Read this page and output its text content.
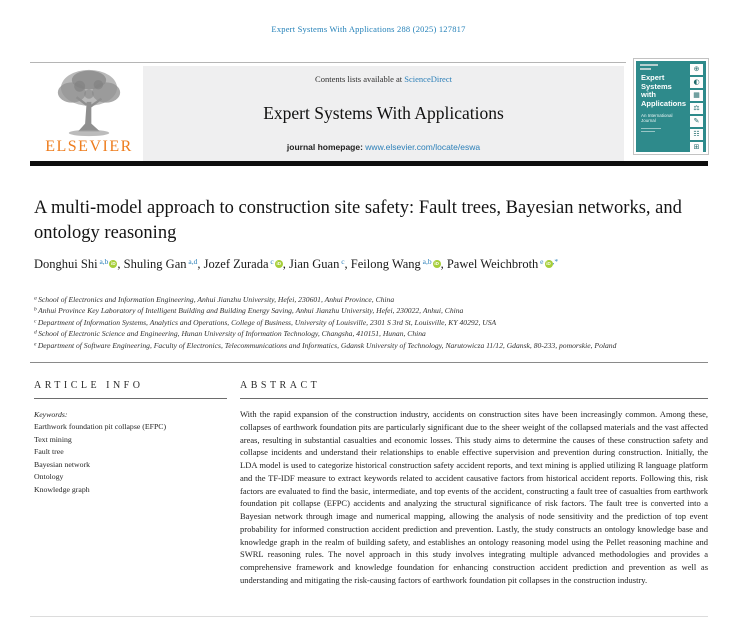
Expert Systems With Applications 288 (2025) 127817
ELSEVIER
Contents lists available at ScienceDirect
Expert Systems With Applications
journal homepage: www.elsevier.com/locate/eswa
Expert
Systems
with
Applications
An International Journal
⊕
◐
▦
⚖
✎
☷
⊞
A multi-model approach to construction site safety: Fault trees, Bayesian networks, and ontology reasoning
Donghui Shi $^{a,b}$ iD , Shuling Gan $^{a,d}$, Jozef Zurada $^c$ iD , Jian Guan $^c$, Feilong Wang $^{a,b}$ iD , Pawel Weichbroth $^e$ iD ,*
$^a$ School of Electronics and Information Engineering, Anhui Jianzhu University, Hefei, 230601, Anhui Province, China
$^b$ Anhui Province Key Laboratory of Intelligent Building and Building Energy Saving, Anhui Jianzhu University, Hefei, 230022, Anhui, China
$^c$ Department of Information Systems, Analytics and Operations, College of Business, University of Louisville, 2301 S 3rd St, Louisville, KY 40292, USA
$^d$ School of Electronic Science and Engineering, Hunan University of Information Technology, Changsha, 410151, Hunan, China
$^e$ Department of Software Engineering, Faculty of Electronics, Telecommunications and Informatics, Gdansk University of Technology, Narutowicza 11/12, Gdansk, 80-233, pomorskie, Poland
ARTICLE INFO
Keywords:
Earthwork foundation pit collapse (EFPC)
Text mining
Fault tree
Bayesian network
Ontology
Knowledge graph
ABSTRACT
With the rapid expansion of the construction industry, accidents on construction sites have been increasingly common. Among these, collapses of earthwork foundation pits are particularly significant due to the sheer weight of the collapsed materials and the vast affected areas, resulting in substantial casualties and economic losses. This study aims to determine the causes of these construction safety and collapse incidents and understand their relationships to enable effective supervision and prevention during construction. Initially, the LDA model is used to categorize historical construction safety accident reports, and text mining is applied utilizing R language platform and the TF-IDF measure to extract keywords related to accident causative factors from historical accident reports. Following this, risk factors are evaluated to find the basic, intermediate, and top events of the accident, constructing a fault tree of casualties from earthwork foundation pit collapse (EFPC) accidents and analyzing the structural significance of risk factors. The fault tree is converted into a Bayesian network through image and numerical mapping, allowing the analysis of node sensitivity and the prediction of top event probability for informed construction accident prediction and prevention. Lastly, the study constructs an ontology knowledge base and knowledge graph in the realm of building safety, and establishes an ontology reasoning model using the Pellet reasoning machine and SWRL reasoning rules. The novel approach in this study involves integrating multiple advanced methodologies and provides a comprehensive framework and knowledge foundation for enhancing construction accident prediction and prevention as well as understanding and mitigating the risk-causing factors of earthwork foundation pit collapses in the construction industry.
